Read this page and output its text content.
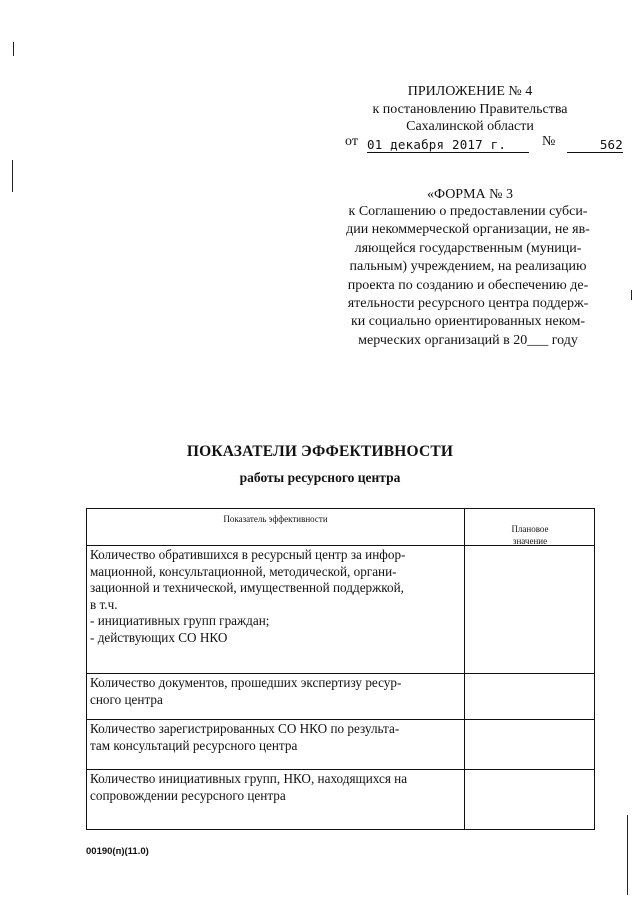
ПРИЛОЖЕНИЕ № 4
к постановлению Правительства
Сахалинской области
от 01 декабря 2017 г.	№	562
«ФОРМА № 3
к Соглашению о предоставлении субси-
дии некоммерческой организации, не яв-
ляющейся государственным (муници-
пальным) учреждением, на реализацию
проекта по созданию и обеспечению де-
ятельности ресурсного центра поддерж-
ки социально ориентированных неком-
мерческих организаций в 20___ году
ПОКАЗАТЕЛИ ЭФФЕКТИВНОСТИ
работы ресурсного центра
Показатель эффективности
Плановое
значение
Количество обратившихся в ресурсный центр за инфор-
мационной, консультационной, методической, органи-
зационной и технической, имущественной поддержкой,
в т.ч.
- инициативных групп граждан;
- действующих СО НКО
Количество документов, прошедших экспертизу ресур-
сного центра
Количество зарегистрированных СО НКО по результа-
там консультаций ресурсного центра
Количество инициативных групп, НКО, находящихся на
сопровождении ресурсного центра
00190(п)(11.0)
